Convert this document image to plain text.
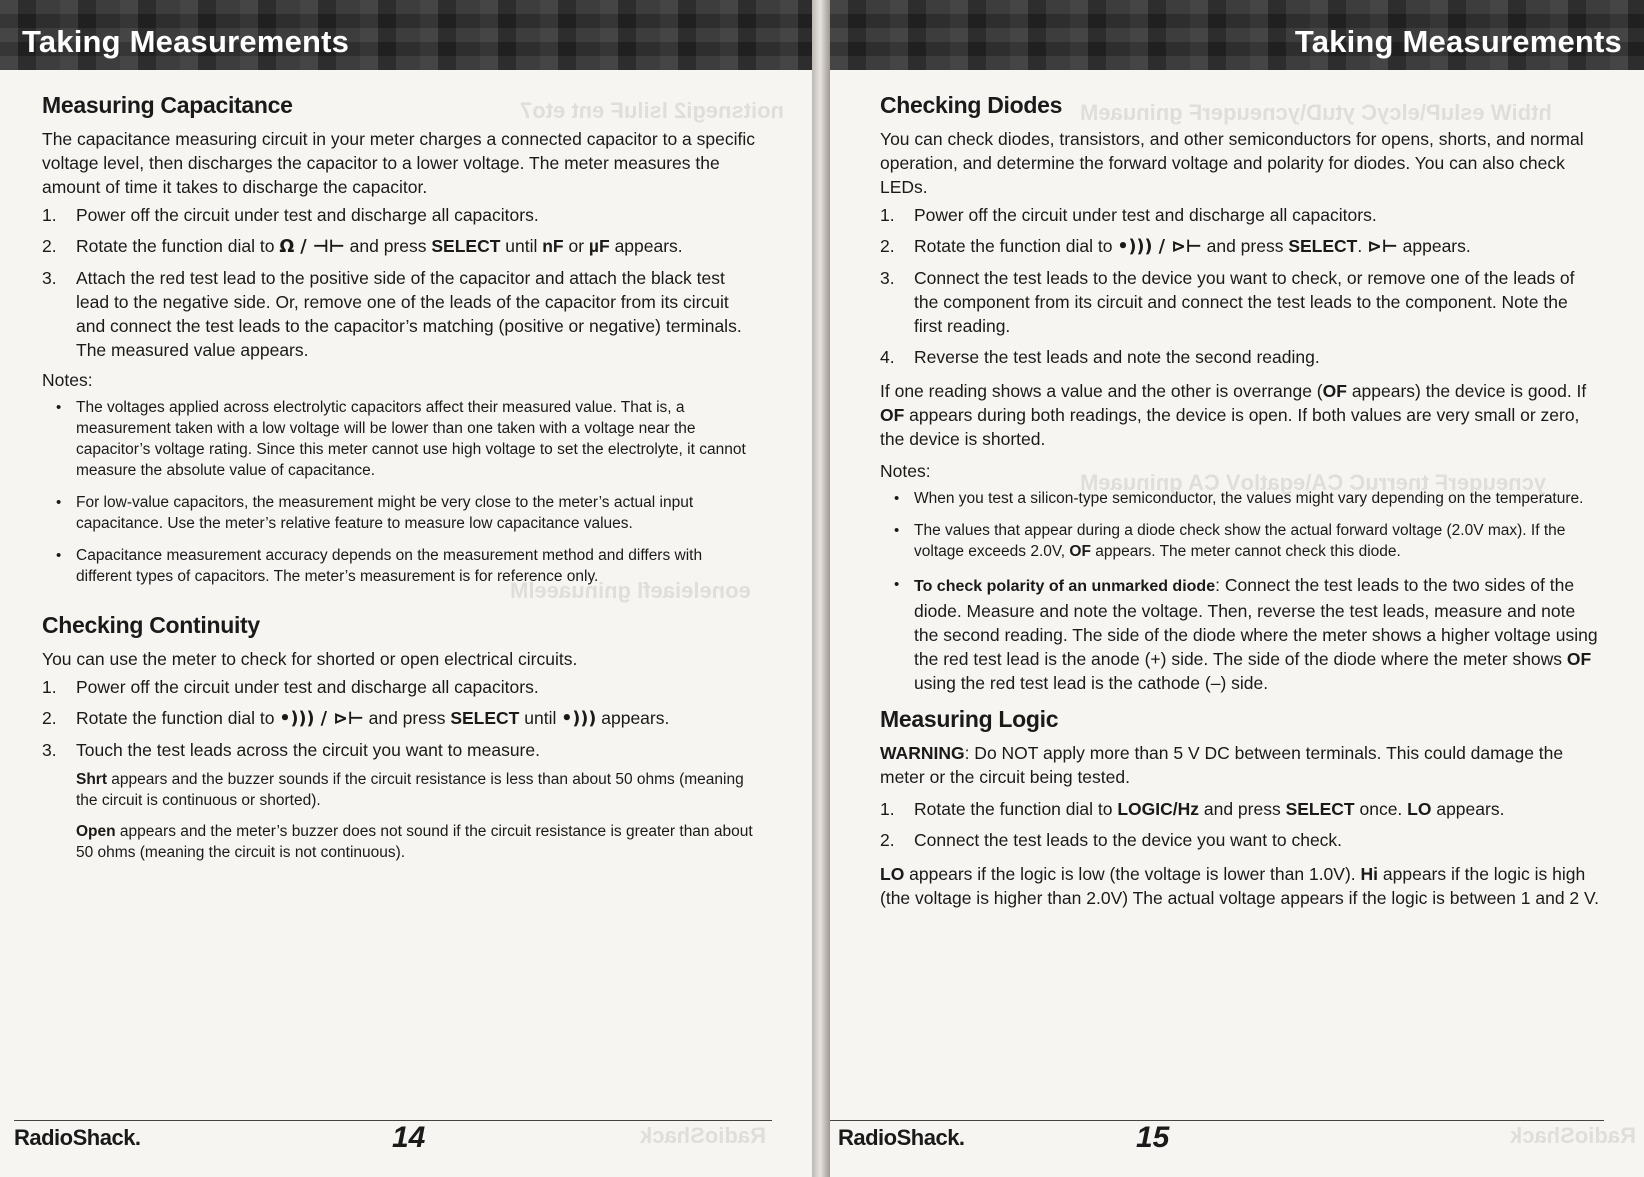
Taking Measurements
noitsnegi2 lsiluF ent eto7
eoneleiaefl gninuaeelM
Measuring Capacitance

The capacitance measuring circuit in your meter charges a connected capacitor to a specific voltage level, then discharges the capacitor to a lower voltage. The meter measures the amount of time it takes to discharge the capacitor.

1. Power off the circuit under test and discharge all capacitors.
2. Rotate the function dial to Ω / ⊣⊢ and press SELECT until nF or µF appears.
3. Attach the red test lead to the positive side of the capacitor and attach the black test lead to the negative side. Or, remove one of the leads of the capacitor from its circuit and connect the test leads to the capacitor’s matching (positive or negative) terminals. The measured value appears.
Notes:
• The voltages applied across electrolytic capacitors affect their measured value. That is, a measurement taken with a low voltage will be lower than one taken with a voltage near the capacitor’s voltage rating. Since this meter cannot use high voltage to set the electrolyte, it cannot measure the absolute value of capacitance.
• For low-value capacitors, the measurement might be very close to the meter’s actual input capacitance. Use the meter’s relative feature to measure low capacitance values.
• Capacitance measurement accuracy depends on the measurement method and differs with different types of capacitors. The meter’s measurement is for reference only.
Checking Continuity

You can use the meter to check for shorted or open electrical circuits.

1. Power off the circuit under test and discharge all capacitors.
2. Rotate the function dial to •))) / ⊳⊢ and press SELECT until •))) appears.
3. Touch the test leads across the circuit you want to measure.
Shrt appears and the buzzer sounds if the circuit resistance is less than about 50 ohms (meaning the circuit is continuous or shorted).
Open appears and the meter’s buzzer does not sound if the circuit resistance is greater than about 50 ohms (meaning the circuit is not continuous).
RadioShack.	14	RadioShack
Taking Measurements
htbiW esluP\elcyC ytuD\ycneuqerF gninuaeM
ycneuqerF tnerruC CA\egatloV CA gninuaeM
Checking Diodes

You can check diodes, transistors, and other semiconductors for opens, shorts, and normal operation, and determine the forward voltage and polarity for diodes. You can also check LEDs.

1. Power off the circuit under test and discharge all capacitors.
2. Rotate the function dial to •))) / ⊳⊢ and press SELECT. ⊳⊢ appears.
3. Connect the test leads to the device you want to check, or remove one of the leads of the component from its circuit and connect the test leads to the component. Note the first reading.
4. Reverse the test leads and note the second reading.

If one reading shows a value and the other is overrange (OF appears) the device is good. If OF appears during both readings, the device is open. If both values are very small or zero, the device is shorted.

Notes:
• When you test a silicon-type semiconductor, the values might vary depending on the temperature.
• The values that appear during a diode check show the actual forward voltage (2.0V max). If the voltage exceeds 2.0V, OF appears. The meter cannot check this diode.
• To check polarity of an unmarked diode: Connect the test leads to the two sides of the diode. Measure and note the voltage. Then, reverse the test leads, measure and note the second reading. The side of the diode where the meter shows a higher voltage using the red test lead is the anode (+) side. The side of the diode where the meter shows OF using the red test lead is the cathode (–) side.
Measuring Logic

WARNING: Do NOT apply more than 5 V DC between terminals. This could damage the meter or the circuit being tested.

1. Rotate the function dial to LOGIC/Hz and press SELECT once. LO appears.
2. Connect the test leads to the device you want to check.

LO appears if the logic is low (the voltage is lower than 1.0V). Hi appears if the logic is high (the voltage is higher than 2.0V) The actual voltage appears if the logic is between 1 and 2 V.

RadioShack.	15	RadioShack
